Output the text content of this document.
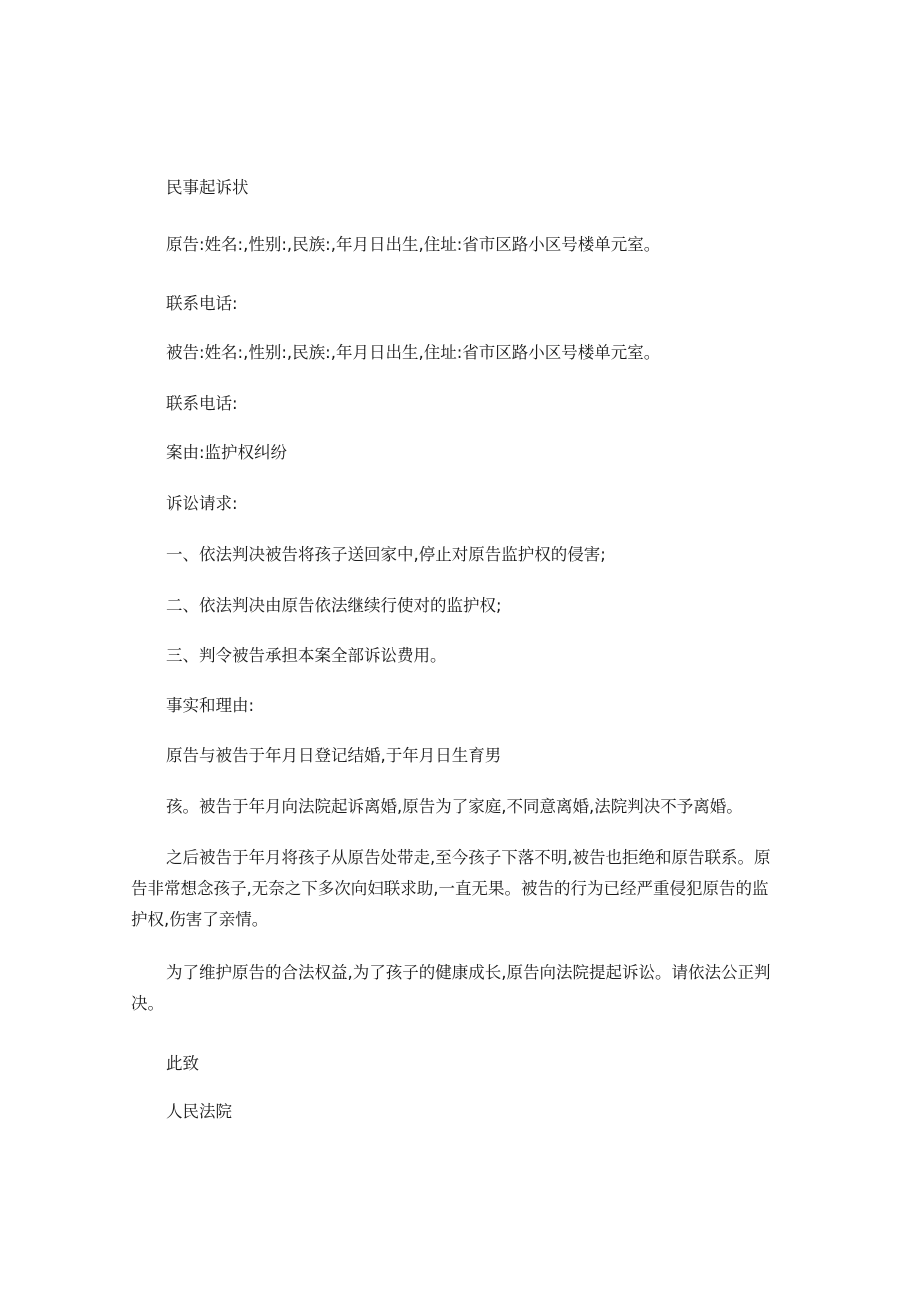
民事起诉状
原告:姓名:,性别:,民族:,年月日出生,住址:省市区路小区号楼单元室。
联系电话:
被告:姓名:,性别:,民族:,年月日出生,住址:省市区路小区号楼单元室。
联系电话:
案由:监护权纠纷
诉讼请求:
一、依法判决被告将孩子送回家中,停止对原告监护权的侵害;
二、依法判决由原告依法继续行使对的监护权;
三、判令被告承担本案全部诉讼费用。
事实和理由:
原告与被告于年月日登记结婚,于年月日生育男
孩。被告于年月向法院起诉离婚,原告为了家庭,不同意离婚,法院判决不予离婚。
之后被告于年月将孩子从原告处带走,至今孩子下落不明,被告也拒绝和原告联系。原告非常想念孩子,无奈之下多次向妇联求助,一直无果。被告的行为已经严重侵犯原告的监护权,伤害了亲情。
为了维护原告的合法权益,为了孩子的健康成长,原告向法院提起诉讼。请依法公正判决。
此致
人民法院
